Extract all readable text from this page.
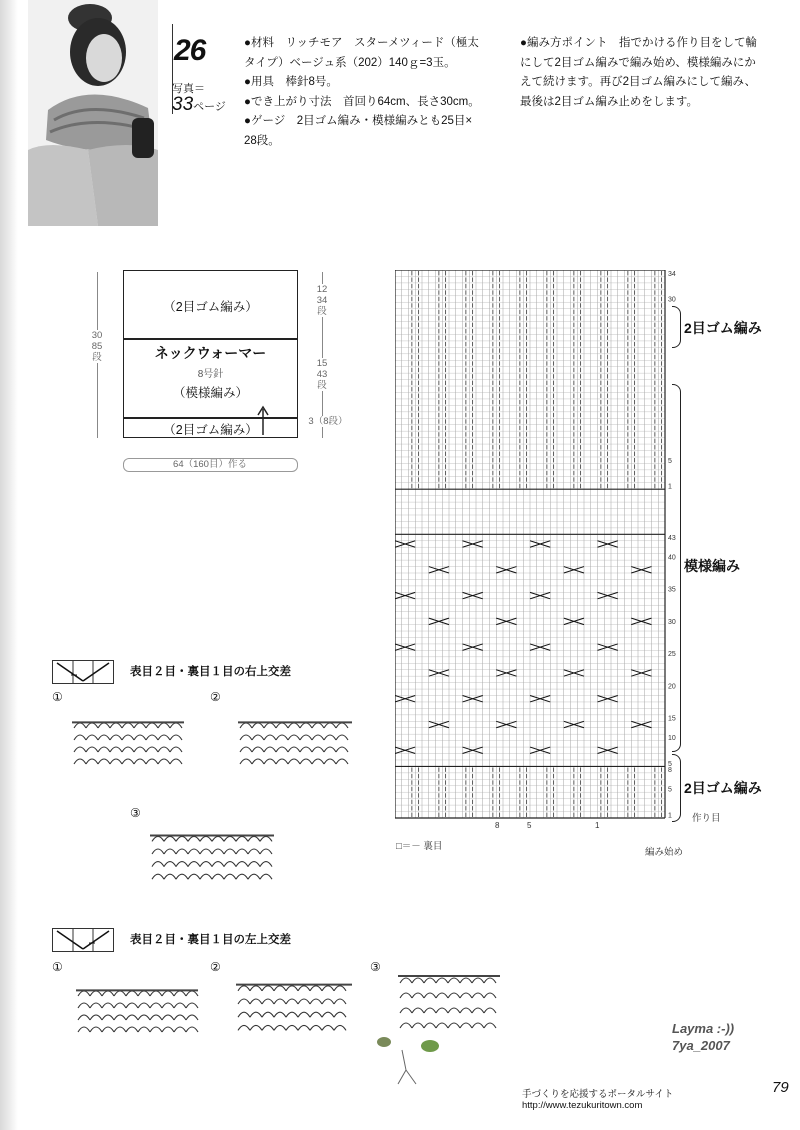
26
写真＝
33ページ
●材料　 リッチモア　スターメツィード（極太
タイプ）ベージュ系（202）140ｇ=3玉。
●用具　 棒針8号。
●でき上がり寸法　 首回り64cm、長さ30cm。
●ゲージ　 2目ゴム編み・模様編みとも25目×
28段。
●編み方ポイント　 指でかける作り目をして輪
にして2目ゴム編みで編み始め、模様編みにか
えて続けます。再び2目ゴム編みにして編み、
最後は2目ゴム編み止めをします。
（2目ゴム編み）
ネックウォーマー
8号針
（模様編み）
（2目ゴム編み）
30
85
段
12
34
段
15
43
段
3（8段）
64（160目）作る
34
30
1
5
43
40
35
30
25
20
15
10
5
8
5
1
8	5	1
2目ゴム編み
模様編み
2目ゴム編み
作り目
□＝－ 裏目
編み始め
表目２目・裏目１目の右上交差
①	②
③
表目２目・裏目１目の左上交差
①	②	③
Layma :-))
7ya_2007
手づくりを応援するポータルサイト　http://www.tezukuritown.com
79
